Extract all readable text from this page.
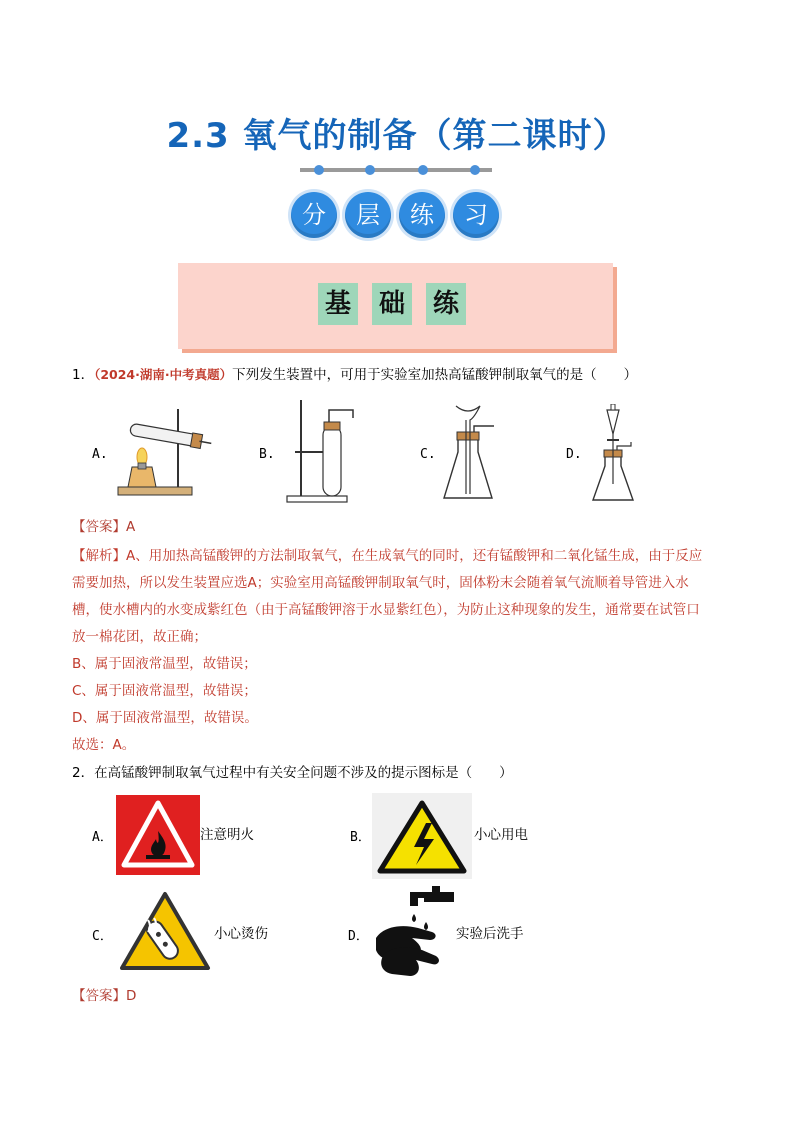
2.3 氧气的制备（第二课时）
分	层	练	习
基 础 练
1．（2024·湖南·中考真题）下列发生装置中，可用于实验室加热高锰酸钾制取氧气的是（　　）
A.	B.	C.	D.
【答案】A
【解析】A、用加热高锰酸钾的方法制取氧气，在生成氧气的同时，还有锰酸钾和二氧化锰生成，由于反应
需要加热，所以发生装置应选A；实验室用高锰酸钾制取氧气时，固体粉末会随着氧气流顺着导管进入水
槽，使水槽内的水变成紫红色（由于高锰酸钾溶于水显紫红色），为防止这种现象的发生，通常要在试管口
放一棉花团，故正确；
B、属于固液常温型，故错误；
C、属于固液常温型，故错误；
D、属于固液常温型，故错误。
故选：A。
2．在高锰酸钾制取氧气过程中有关安全问题不涉及的提示图标是（　　）
A．	注意明火	B．	小心用电
C．	小心烫伤	D．	实验后洗手
【答案】D
